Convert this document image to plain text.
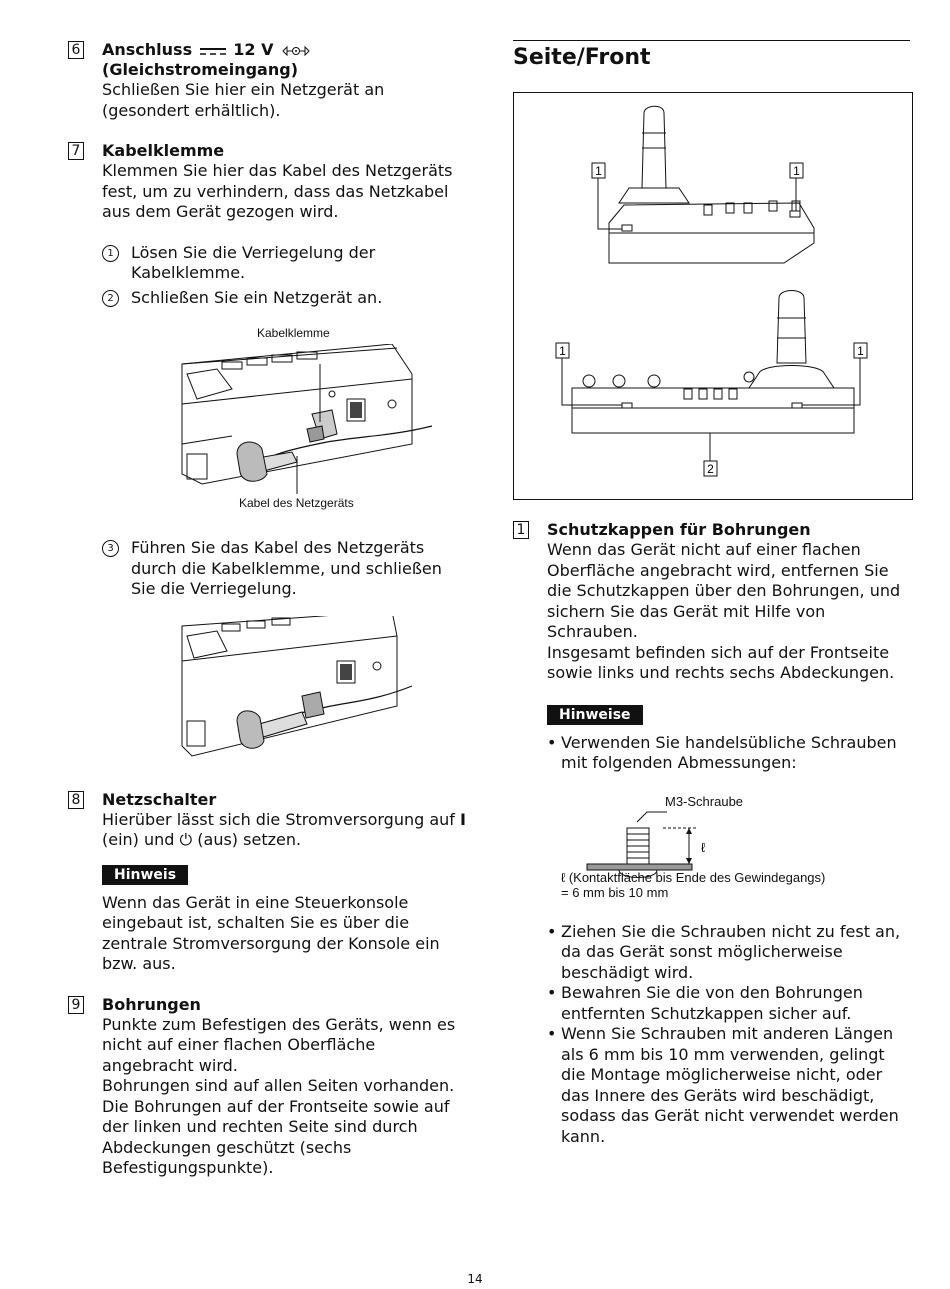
6 Anschluss	12 V
(Gleichstromeingang)
Schließen Sie hier ein Netzgerät an (gesondert erhältlich).
7 Kabelklemme
Klemmen Sie hier das Kabel des Netzgeräts fest, um zu verhindern, dass das Netzkabel aus dem Gerät gezogen wird.
1	Lösen Sie die Verriegelung der Kabelklemme.
2	Schließen Sie ein Netzgerät an.
Kabelklemme
Kabel des Netzgeräts
3	Führen Sie das Kabel des Netzgeräts durch die Kabelklemme, und schließen Sie die Verriegelung.
8 Netzschalter
Hierüber lässt sich die Stromversorgung auf I (ein) und ⏻ (aus) setzen.
Hinweis
Wenn das Gerät in eine Steuerkonsole eingebaut ist, schalten Sie es über die zentrale Stromversorgung der Konsole ein bzw. aus.
9 Bohrungen
Punkte zum Befestigen des Geräts, wenn es nicht auf einer flachen Oberfläche angebracht wird.
Bohrungen sind auf allen Seiten vorhanden. Die Bohrungen auf der Frontseite sowie auf der linken und rechten Seite sind durch Abdeckungen geschützt (sechs Befestigungspunkte).
Seite/Front
1	1
1	1
2
1 Schutzkappen für Bohrungen
Wenn das Gerät nicht auf einer flachen Oberfläche angebracht wird, entfernen Sie die Schutzkappen über den Bohrungen, und sichern Sie das Gerät mit Hilfe von Schrauben.
Insgesamt befinden sich auf der Frontseite sowie links und rechts sechs Abdeckungen.
Hinweise
• Verwenden Sie handelsübliche Schrauben mit folgenden Abmessungen:
M3-Schraube
ℓ
ℓ (Kontaktfläche bis Ende des Gewindegangs)
= 6 mm bis 10 mm
• Ziehen Sie die Schrauben nicht zu fest an, da das Gerät sonst möglicherweise beschädigt wird.
• Bewahren Sie die von den Bohrungen entfernten Schutzkappen sicher auf.
• Wenn Sie Schrauben mit anderen Längen als 6 mm bis 10 mm verwenden, gelingt die Montage möglicherweise nicht, oder das Innere des Geräts wird beschädigt, sodass das Gerät nicht verwendet werden kann.
14
